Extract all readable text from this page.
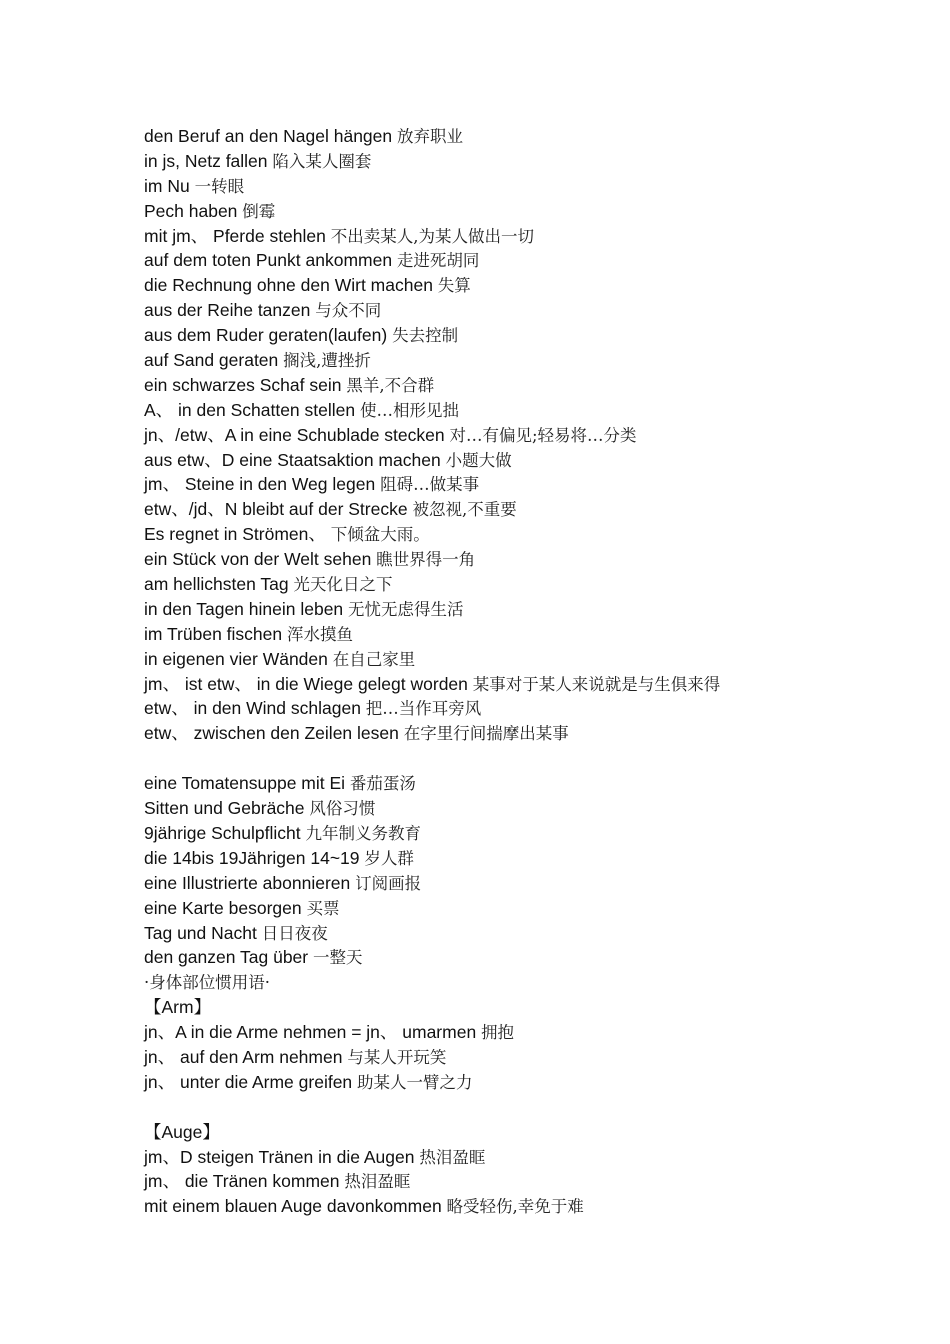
den Beruf an den Nagel hängen 放弃职业
in js, Netz fallen 陷入某人圈套
im Nu 一转眼
Pech haben 倒霉
mit jm、 Pferde stehlen 不出卖某人,为某人做出一切
auf dem toten Punkt ankommen 走进死胡同
die Rechnung ohne den Wirt machen 失算
aus der Reihe tanzen 与众不同
aus dem Ruder geraten(laufen) 失去控制
auf Sand geraten 搁浅,遭挫折
ein schwarzes Schaf sein 黑羊,不合群
A、 in den Schatten stellen 使…相形见拙
jn、/etw、A in eine Schublade stecken 对…有偏见;轻易将…分类
aus etw、D eine Staatsaktion machen 小题大做
jm、 Steine in den Weg legen 阻碍…做某事
etw、/jd、N bleibt auf der Strecke 被忽视,不重要
Es regnet in Strömen、 下倾盆大雨。
ein Stück von der Welt sehen 瞧世界得一角
am hellichsten Tag 光天化日之下
in den Tagen hinein leben 无忧无虑得生活
im Trüben fischen 浑水摸鱼
in eigenen vier Wänden 在自己家里
jm、 ist etw、 in die Wiege gelegt worden 某事对于某人来说就是与生俱来得
etw、 in den Wind schlagen 把…当作耳旁风
etw、 zwischen den Zeilen lesen 在字里行间揣摩出某事
eine Tomatensuppe mit Ei 番茄蛋汤
Sitten und Gebräche 风俗习惯
9jährige Schulpflicht 九年制义务教育
die 14bis 19Jährigen 14~19 岁人群
eine Illustrierte abonnieren 订阅画报
eine Karte besorgen 买票
Tag und Nacht 日日夜夜
den ganzen Tag über 一整天
·身体部位惯用语·
【Arm】
jn、A in die Arme nehmen = jn、 umarmen 拥抱
jn、 auf den Arm nehmen 与某人开玩笑
jn、 unter die Arme greifen 助某人一臂之力
【Auge】
jm、D steigen Tränen in die Augen 热泪盈眶
jm、 die Tränen kommen 热泪盈眶
mit einem blauen Auge davonkommen 略受轻伤,幸免于难
